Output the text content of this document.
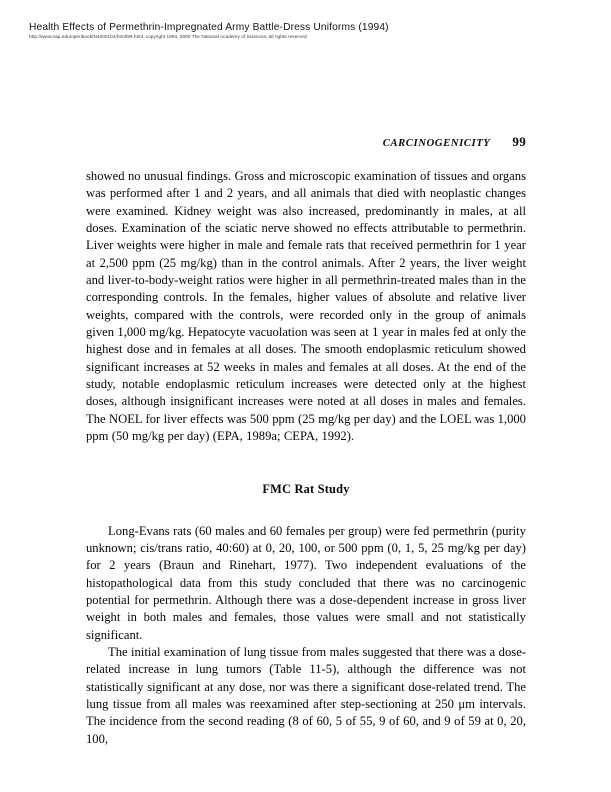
Health Effects of Permethrin-Impregnated Army Battle-Dress Uniforms (1994)
http://www.nap.edu/openbook/N4000104/html/99.html, copyright 1994, 2000 The National Academy of Sciences, all rights reserved
CARCINOGENICITY 99

showed no unusual findings. Gross and microscopic examination of tissues and organs was performed after 1 and 2 years, and all animals that died with neoplastic changes were examined. Kidney weight was also increased, predominantly in males, at all doses. Examination of the sciatic nerve showed no effects attributable to permethrin. Liver weights were higher in male and female rats that received permethrin for 1 year at 2,500 ppm (25 mg/kg) than in the control animals. After 2 years, the liver weight and liver-to-body-weight ratios were higher in all permethrin-treated males than in the corresponding controls. In the females, higher values of absolute and relative liver weights, compared with the controls, were recorded only in the group of animals given 1,000 mg/kg. Hepatocyte vacuolation was seen at 1 year in males fed at only the highest dose and in females at all doses. The smooth endoplasmic reticulum showed significant increases at 52 weeks in males and females at all doses. At the end of the study, notable endoplasmic reticulum increases were detected only at the highest doses, although insignificant increases were noted at all doses in males and females. The NOEL for liver effects was 500 ppm (25 mg/kg per day) and the LOEL was 1,000 ppm (50 mg/kg per day) (EPA, 1989a; CEPA, 1992).

FMC Rat Study

Long-Evans rats (60 males and 60 females per group) were fed permethrin (purity unknown; cis/trans ratio, 40:60) at 0, 20, 100, or 500 ppm (0, 1, 5, 25 mg/kg per day) for 2 years (Braun and Rinehart, 1977). Two independent evaluations of the histopathological data from this study concluded that there was no carcinogenic potential for permethrin. Although there was a dose-dependent increase in gross liver weight in both males and females, those values were small and not statistically significant.

The initial examination of lung tissue from males suggested that there was a dose-related increase in lung tumors (Table 11-5), although the difference was not statistically significant at any dose, nor was there a significant dose-related trend. The lung tissue from all males was reexamined after step-sectioning at 250 μm intervals. The incidence from the second reading (8 of 60, 5 of 55, 9 of 60, and 9 of 59 at 0, 20, 100,
